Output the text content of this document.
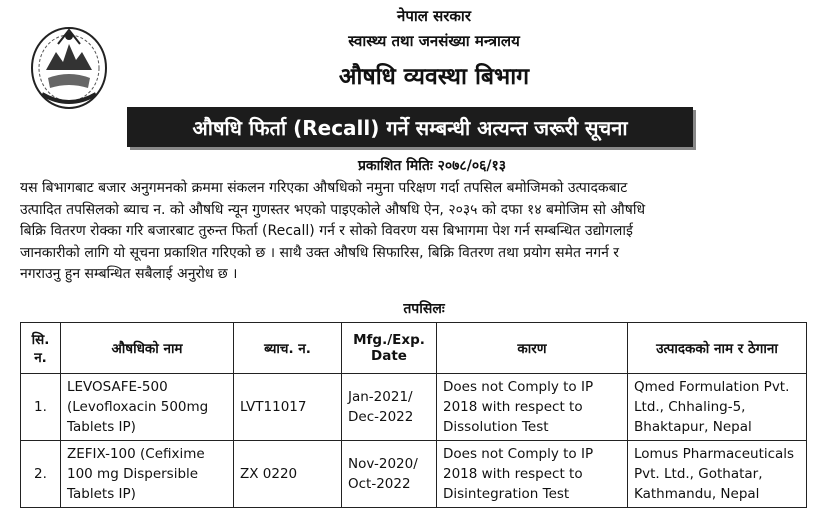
नेपाल सरकार
स्वास्थ्य तथा जनसंख्या मन्त्रालय
औषधि व्यवस्था बिभाग
औषधि फिर्ता (Recall) गर्ने सम्बन्धी अत्यन्त जरूरी सूचना
प्रकाशित मितिः २०७८/०६/१३
यस बिभागबाट बजार अनुगमनको क्रममा संकलन गरिएका औषधिको नमुना परिक्षण गर्दा तपसिल बमोजिमको उत्पादकबाट
उत्पादित तपसिलको ब्याच न. को औषधि न्यून गुणस्तर भएको पाइएकोले औषधि ऐन, २०३५ को दफा १४ बमोजिम सो औषधि
बिक्रि वितरण रोक्का गरि बजारबाट तुरुन्त फिर्ता (Recall) गर्न र सोको विवरण यस बिभागमा पेश गर्न सम्बन्धित उद्योगलाई
जानकारीको लागि यो सूचना प्रकाशित गरिएको छ । साथै उक्त औषधि सिफारिस, बिक्रि वितरण तथा प्रयोग समेत नगर्न र
नगराउनु हुन सम्बन्धित सबैलाई अनुरोध छ ।
तपसिलः
सि. न.	औषधिको नाम	ब्याच. न.	Mfg./Exp. Date	कारण	उत्पादकको नाम र ठेगाना
1.	LEVOSAFE-500 (Levofloxacin 500mg Tablets IP)	LVT11017	Jan-2021/ Dec-2022	Does not Comply to IP 2018 with respect to Dissolution Test	Qmed Formulation Pvt. Ltd., Chhaling-5, Bhaktapur, Nepal
2.	ZEFIX-100 (Cefixime 100 mg Dispersible Tablets IP)	ZX 0220	Nov-2020/ Oct-2022	Does not Comply to IP 2018 with respect to Disintegration Test	Lomus Pharmaceuticals Pvt. Ltd., Gothatar, Kathmandu, Nepal
